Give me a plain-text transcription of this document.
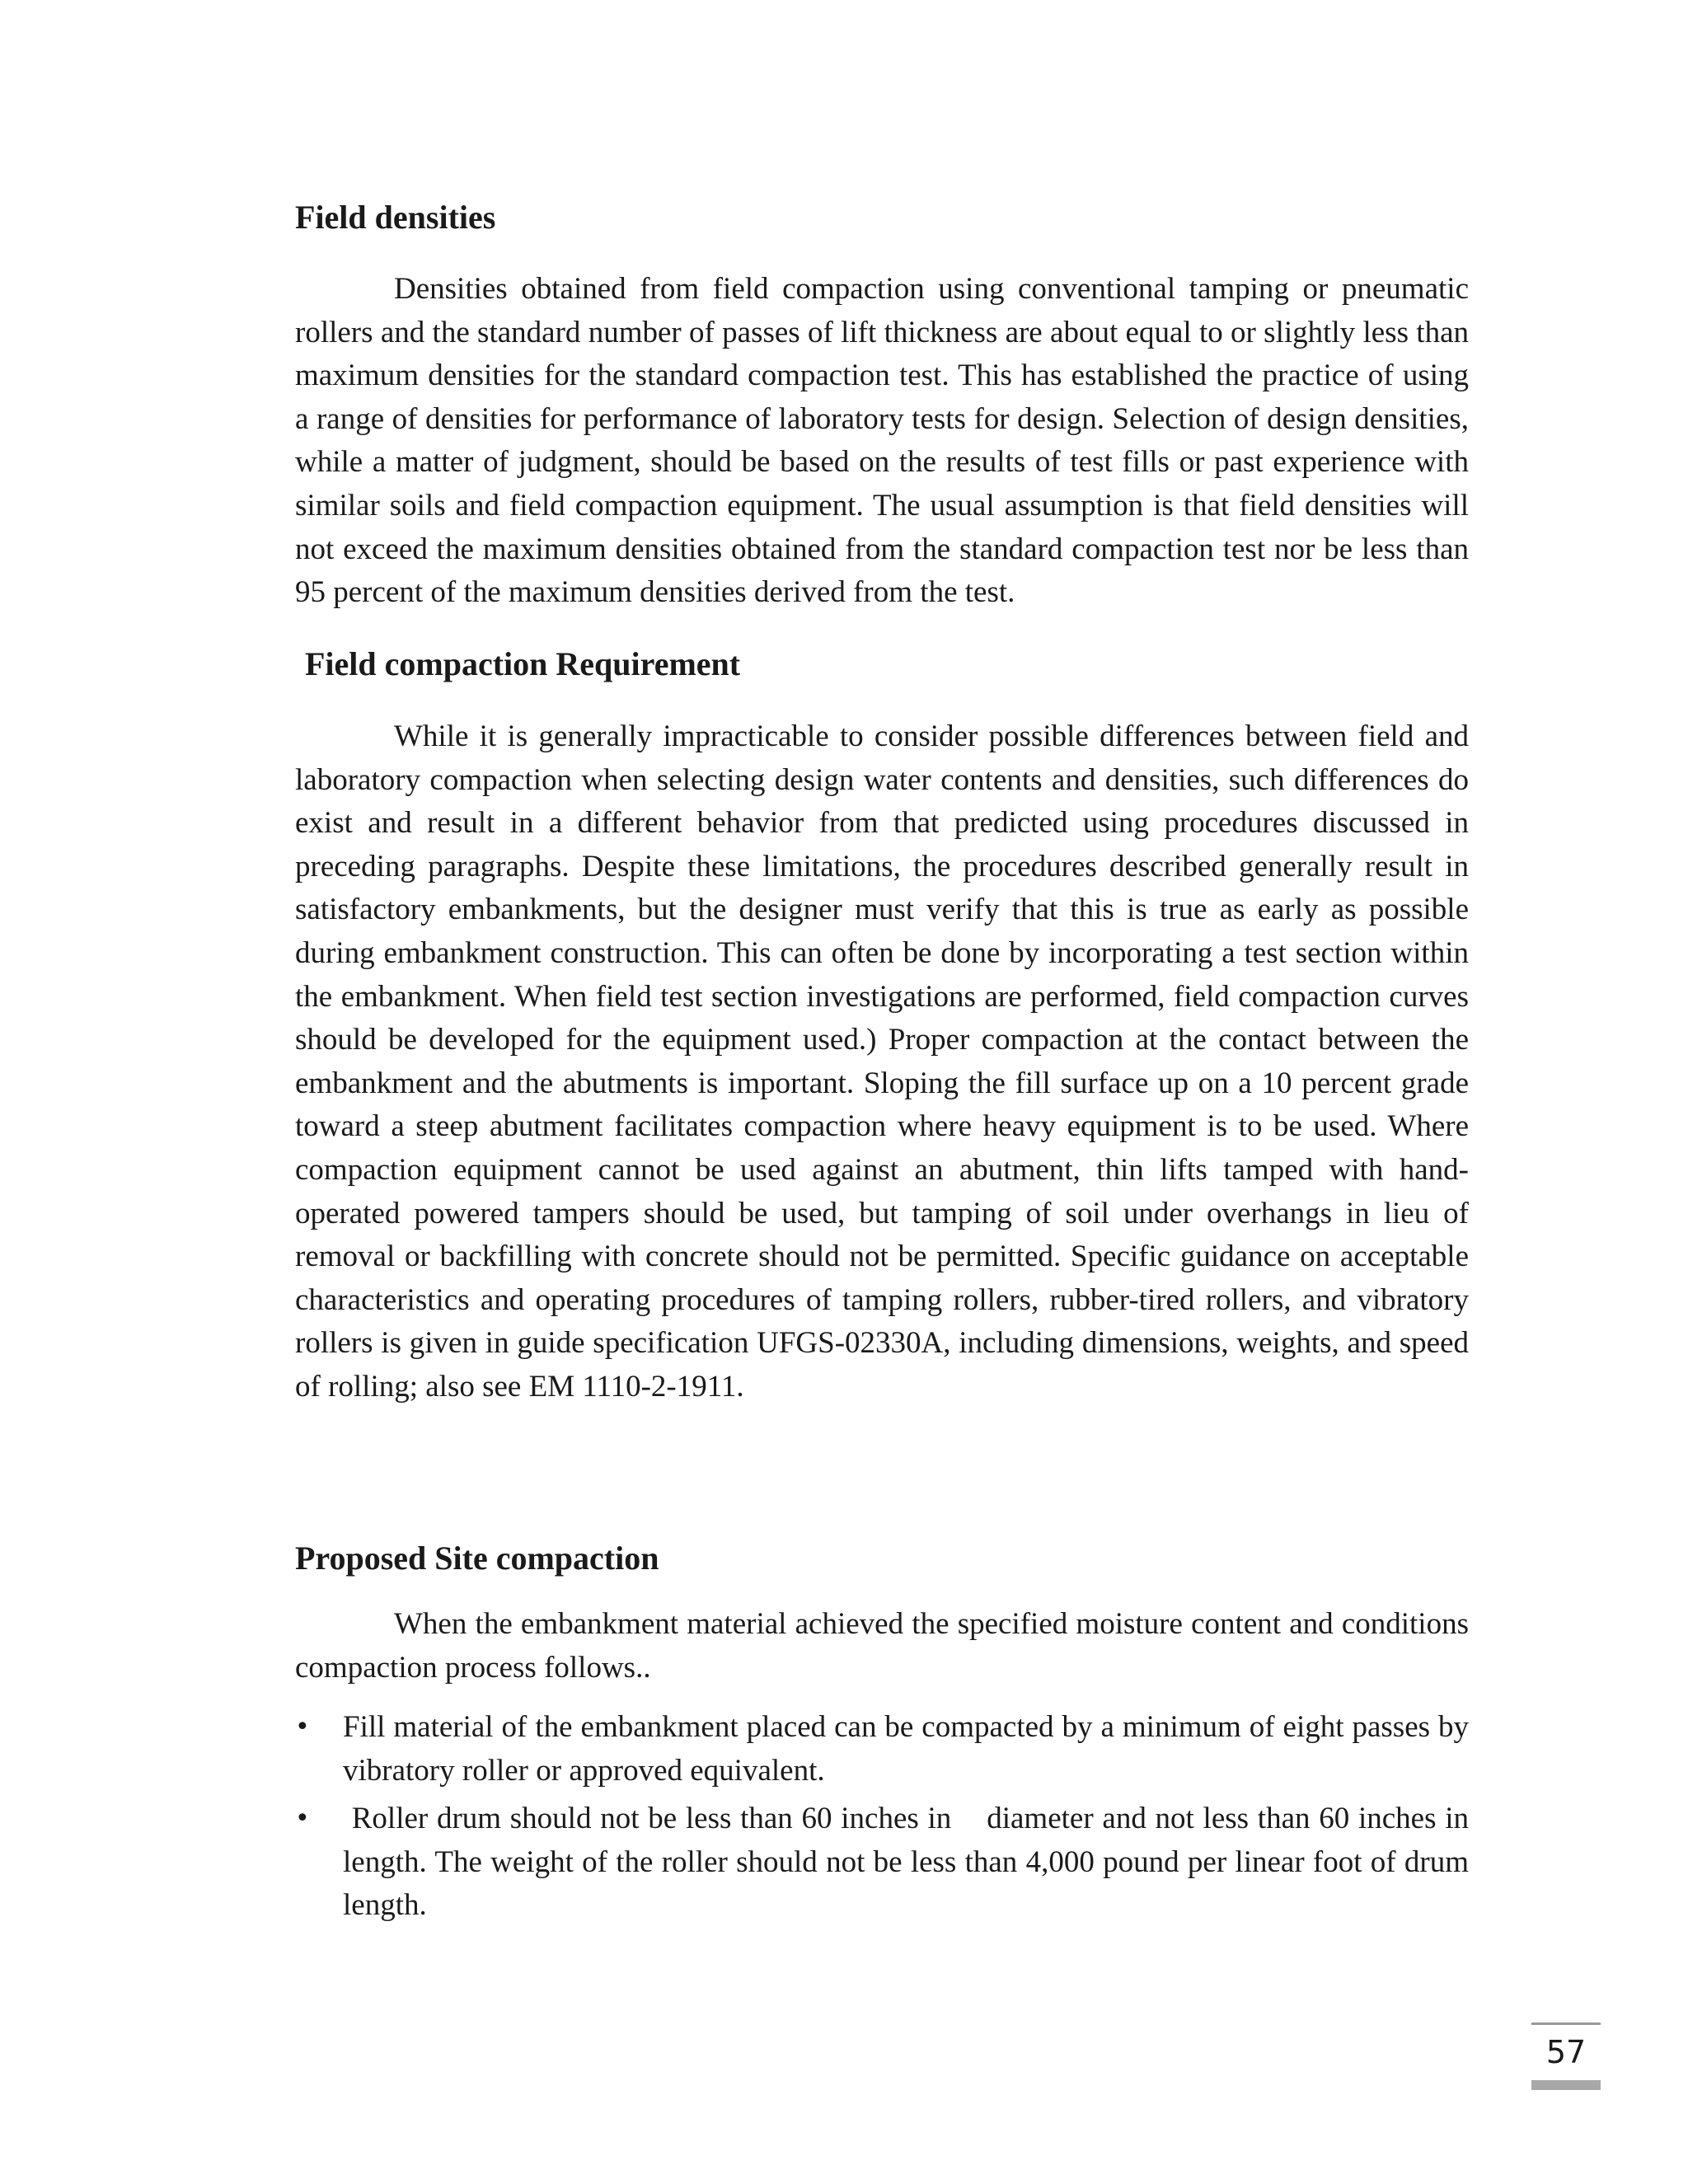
Field densities

Densities obtained from field compaction using conventional tamping or pneumatic rollers and the standard number of passes of lift thickness are about equal to or slightly less than maximum densities for the standard compaction test. This has established the practice of using a range of densities for performance of laboratory tests for design. Selection of design densities, while a matter of judgment, should be based on the results of test fills or past experience with similar soils and field compaction equipment. The usual assumption is that field densities will not exceed the maximum densities obtained from the standard compaction test nor be less than 95 percent of the maximum densities derived from the test.

Field compaction Requirement

While it is generally impracticable to consider possible differences between field and laboratory compaction when selecting design water contents and densities, such differences do exist and result in a different behavior from that predicted using procedures discussed in preceding paragraphs. Despite these limitations, the procedures described generally result in satisfactory embankments, but the designer must verify that this is true as early as possible during embankment construction. This can often be done by incorporating a test section within the embankment. When field test section investigations are performed, field compaction curves should be developed for the equipment used.) Proper compaction at the contact between the embankment and the abutments is important. Sloping the fill surface up on a 10 percent grade toward a steep abutment facilitates compaction where heavy equipment is to be used. Where compaction equipment cannot be used against an abutment, thin lifts tamped with hand-operated powered tampers should be used, but tamping of soil under overhangs in lieu of removal or backfilling with concrete should not be permitted. Specific guidance on acceptable characteristics and operating procedures of tamping rollers, rubber-tired rollers, and vibratory rollers is given in guide specification UFGS-02330A, including dimensions, weights, and speed of rolling; also see EM 1110-2-1911.

Proposed Site compaction

When the embankment material achieved the specified moisture content and conditions compaction process follows..

•	Fill material of the embankment placed can be compacted by a minimum of eight passes by vibratory roller or approved equivalent.
•	Roller drum should not be less than 60 inches in    diameter and not less than 60 inches in length. The weight of the roller should not be less than 4,000 pound per linear foot of drum length.
57
